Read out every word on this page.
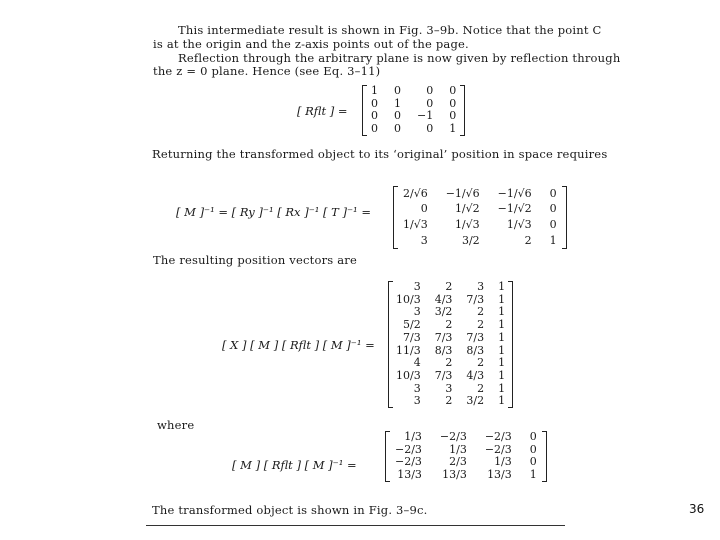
This intermediate result is shown in Fig. 3–9b. Notice that the point C
is at the origin and the z-axis points out of the page.
Reflection through the arbitrary plane is now given by reflection through
the z = 0 plane. Hence (see Eq. 3–11)
[ Rflt ] =
1	0	0	0
0	1	0	0
0	0	−1	0
0	0	0	1
Returning the transformed object to its ‘original’ position in space requires
[ M ]⁻¹ = [ Ry ]⁻¹ [ Rx ]⁻¹ [ T ]⁻¹ =
2/√6	−1/√6	−1/√6	0
0	1/√2	−1/√2	0
1/√3	1/√3	1/√3	0
3	3/2	2	1
The resulting position vectors are
[ X ] [ M ] [ Rflt ] [ M ]⁻¹ =
3	2	3	1
10/3	4/3	7/3	1
3	3/2	2	1
5/2	2	2	1
7/3	7/3	7/3	1
11/3	8/3	8/3	1
4	2	2	1
10/3	7/3	4/3	1
3	3	2	1
3	2	3/2	1
where
[ M ] [ Rflt ] [ M ]⁻¹ =
1/3	−2/3	−2/3	0
−2/3	1/3	−2/3	0
−2/3	2/3	1/3	0
13/3	13/3	13/3	1
The transformed object is shown in Fig. 3–9c.	36
